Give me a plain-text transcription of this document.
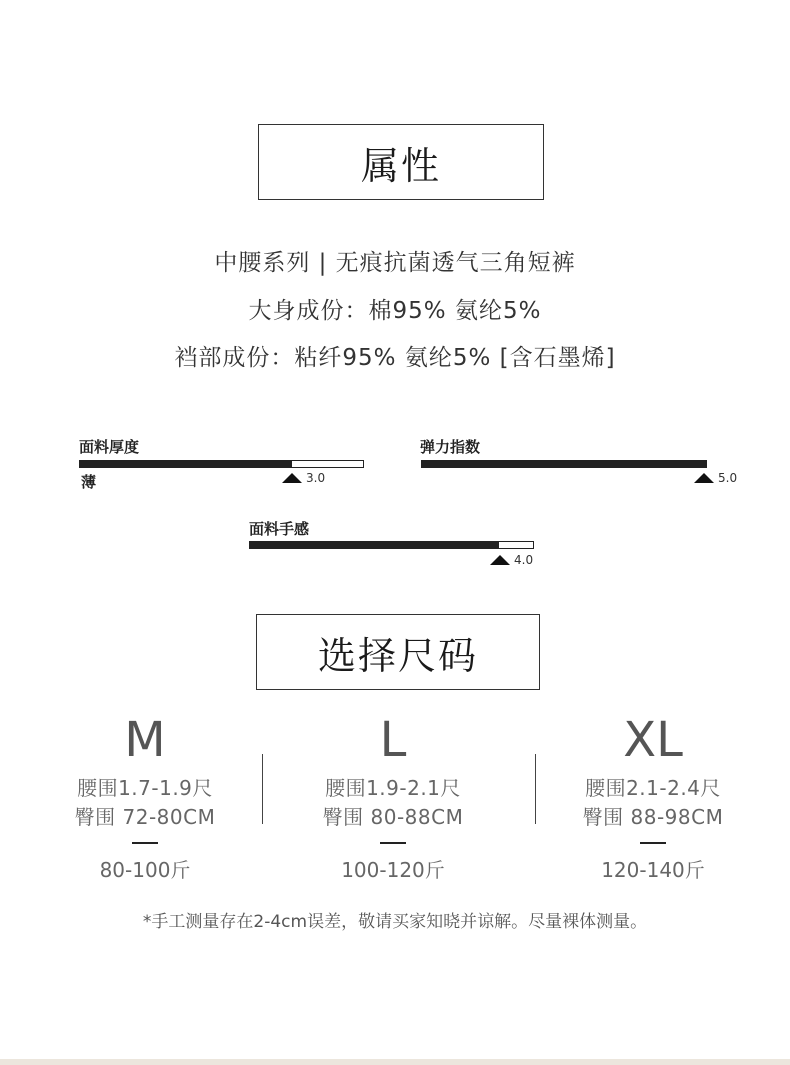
属性
中腰系列 | 无痕抗菌透气三角短裤
大身成份：棉95% 氨纶5%
裆部成份：粘纤95% 氨纶5% [含石墨烯]
面料厚度
薄	3.0
弹力指数
5.0
面料手感
4.0
选择尺码
M
腰围1.7-1.9尺
臀围 72-80CM
80-100斤
L
腰围1.9-2.1尺
臀围 80-88CM
100-120斤
XL
腰围2.1-2.4尺
臀围 88-98CM
120-140斤
*手工测量存在2-4cm误差，敬请买家知晓并谅解。尽量裸体测量。
